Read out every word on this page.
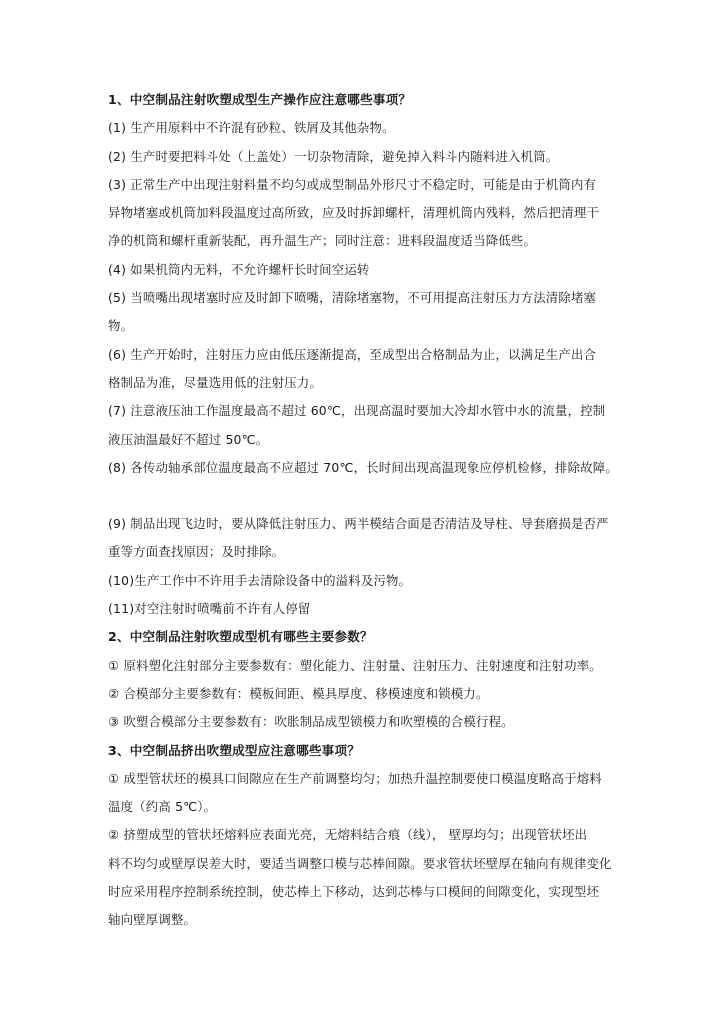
1、中空制品注射吹塑成型生产操作应注意哪些事项？
(1) 生产用原料中不许混有砂粒、铁屑及其他杂物。
(2) 生产时要把料斗处（上盖处）一切杂物清除，避免掉入料斗内随料进入机筒。
(3) 正常生产中出现注射料量不均匀或成型制品外形尺寸不稳定时，可能是由于机筒内有
异物堵塞或机筒加料段温度过高所致，应及时拆卸螺杆，清理机筒内残料，然后把清理干
净的机筒和螺杆重新装配，再升温生产；同时注意：进料段温度适当降低些。
(4) 如果机筒内无料，不允许螺杆长时间空运转
(5) 当喷嘴出现堵塞时应及时卸下喷嘴，清除堵塞物，不可用提高注射压力方法清除堵塞
物。
(6) 生产开始时，注射压力应由低压逐渐提高，至成型出合格制品为止，以满足生产出合
格制品为准，尽量选用低的注射压力。
(7) 注意液压油工作温度最高不超过 60℃，出现高温时要加大冷却水管中水的流量，控制
液压油温最好不超过 50℃。
(8) 各传动轴承部位温度最高不应超过 70℃，长时间出现高温现象应停机检修，排除故障。
(9) 制品出现飞边时，要从降低注射压力、两半模结合面是否清洁及导柱、导套磨损是否严
重等方面查找原因；及时排除。
(10)生产工作中不许用手去清除设备中的溢料及污物。
(11)对空注射时喷嘴前不许有人停留
2、中空制品注射吹塑成型机有哪些主要参数？
① 原料塑化注射部分主要参数有：塑化能力、注射量、注射压力、注射速度和注射功率。
② 合模部分主要参数有：模板间距、模具厚度、移模速度和锁模力。
③ 吹塑合模部分主要参数有：吹胀制品成型锁模力和吹塑模的合模行程。
3、中空制品挤出吹塑成型应注意哪些事项？
① 成型管状坯的模具口间隙应在生产前调整均匀；加热升温控制要使口模温度略高于熔料
温度（约高 5℃）。
② 挤塑成型的管状坯熔料应表面光亮，无熔料结合痕（线）， 壁厚均匀；出现管状坯出
料不均匀或壁厚误差大时，要适当调整口模与芯棒间隙。要求管状坯壁厚在轴向有规律变化
时应采用程序控制系统控制，使芯棒上下移动，达到芯棒与口模间的间隙变化，实现型坯
轴向壁厚调整。
